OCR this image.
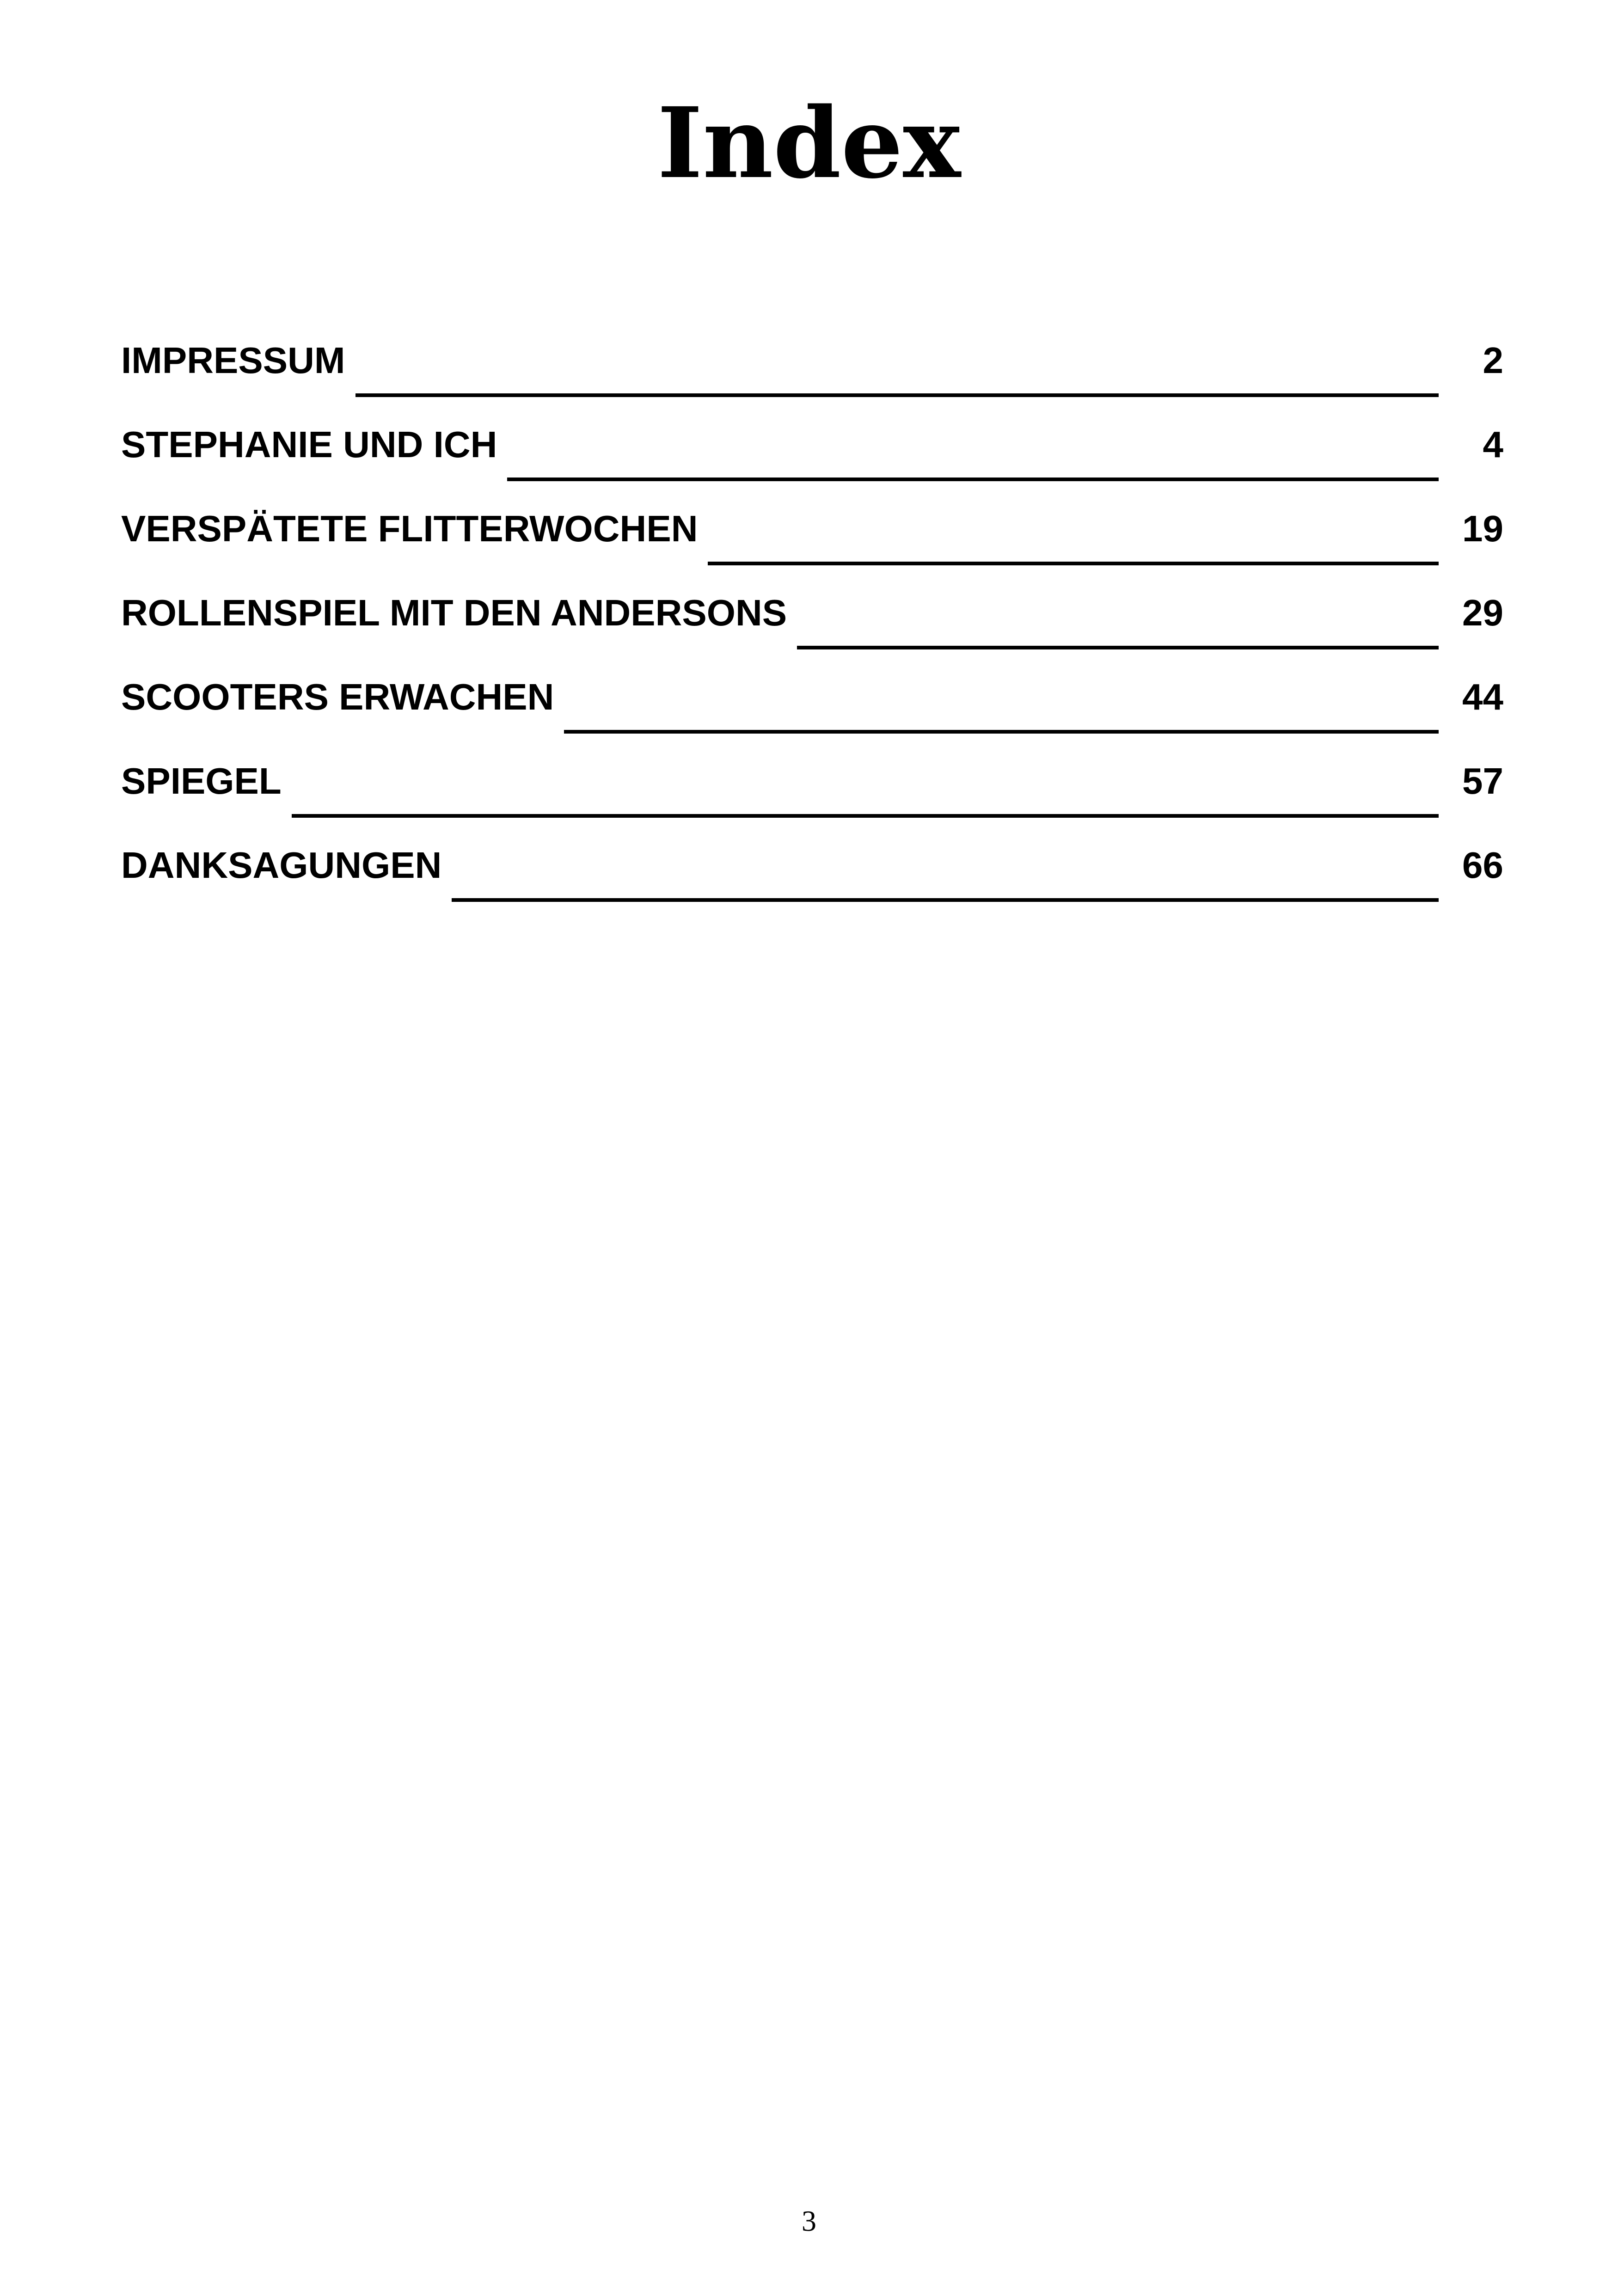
Index
IMPRESSUM	2
STEPHANIE UND ICH	4
VERSPÄTETE FLITTERWOCHEN	19
ROLLENSPIEL MIT DEN ANDERSONS	29
SCOOTERS ERWACHEN	44
SPIEGEL	57
DANKSAGUNGEN	66
3
